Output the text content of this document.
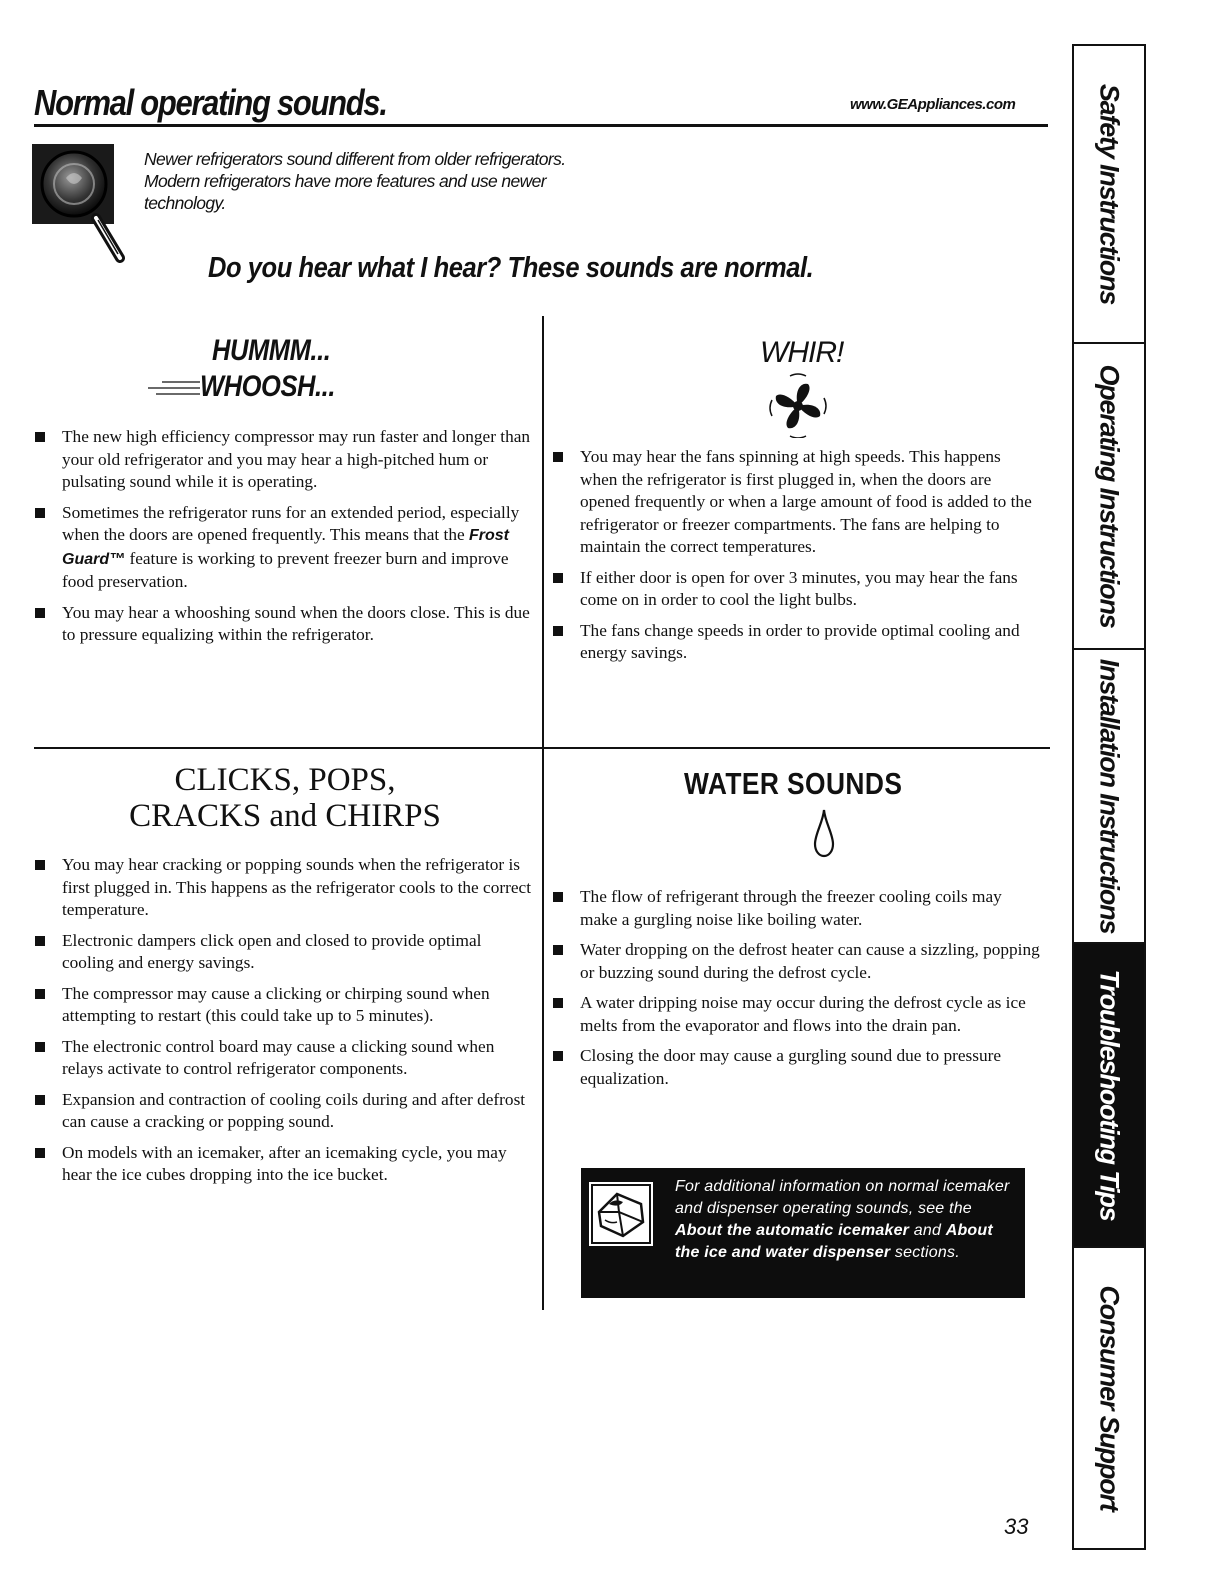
Normal operating sounds.	www.GEAppliances.com
Newer refrigerators sound different from older refrigerators.
Modern refrigerators have more features and use newer
technology.
Do you hear what I hear? These sounds are normal.
HUMMM...
WHOOSH...
The new high efficiency compressor may run faster and longer than your old refrigerator and you may hear a high-pitched hum or pulsating sound while it is operating.
Sometimes the refrigerator runs for an extended period, especially when the doors are opened frequently. This means that the Frost Guard™ feature is working to prevent freezer burn and improve food preservation.
You may hear a whooshing sound when the doors close. This is due to pressure equalizing within the refrigerator.
WHIR!
You may hear the fans spinning at high speeds. This happens when the refrigerator is first plugged in, when the doors are opened frequently or when a large amount of food is added to the refrigerator or freezer compartments. The fans are helping to maintain the correct temperatures.
If either door is open for over 3 minutes, you may hear the fans come on in order to cool the light bulbs.
The fans change speeds in order to provide optimal cooling and energy savings.
CLICKS, POPS,
CRACKS and CHIRPS
You may hear cracking or popping sounds when the refrigerator is first plugged in. This happens as the refrigerator cools to the correct temperature.
Electronic dampers click open and closed to provide optimal cooling and energy savings.
The compressor may cause a clicking or chirping sound when attempting to restart (this could take up to 5 minutes).
The electronic control board may cause a clicking sound when relays activate to control refrigerator components.
Expansion and contraction of cooling coils during and after defrost can cause a cracking or popping sound.
On models with an icemaker, after an icemaking cycle, you may hear the ice cubes dropping into the ice bucket.
WATER SOUNDS
The flow of refrigerant through the freezer cooling coils may make a gurgling noise like boiling water.
Water dropping on the defrost heater can cause a sizzling, popping or buzzing sound during the defrost cycle.
A water dripping noise may occur during the defrost cycle as ice melts from the evaporator and flows into the drain pan.
Closing the door may cause a gurgling sound due to pressure equalization.
For additional information on normal icemaker and dispenser operating sounds, see the About the automatic icemaker and About the ice and water dispenser sections.
Safety Instructions
Operating Instructions
Installation Instructions
Troubleshooting Tips
Consumer Support
33
